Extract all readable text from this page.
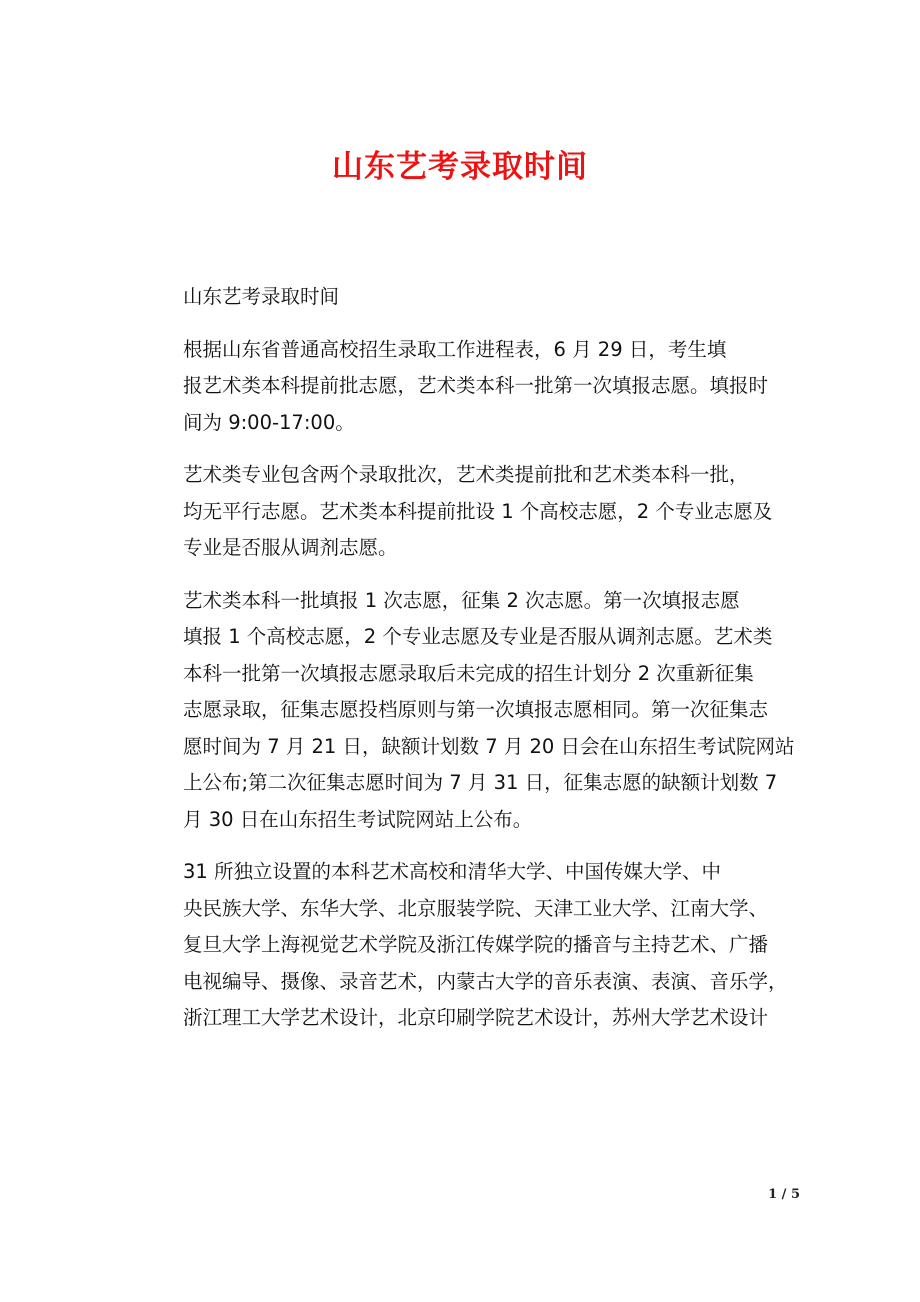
山东艺考录取时间

山东艺考录取时间

根据山东省普通高校招生录取工作进程表，6 月 29 日，考生填
报艺术类本科提前批志愿，艺术类本科一批第一次填报志愿。填报时
间为 9:00-17:00。

艺术类专业包含两个录取批次，艺术类提前批和艺术类本科一批，
均无平行志愿。艺术类本科提前批设 1 个高校志愿，2 个专业志愿及
专业是否服从调剂志愿。

艺术类本科一批填报 1 次志愿，征集 2 次志愿。第一次填报志愿
填报 1 个高校志愿，2 个专业志愿及专业是否服从调剂志愿。艺术类
本科一批第一次填报志愿录取后未完成的招生计划分 2 次重新征集
志愿录取，征集志愿投档原则与第一次填报志愿相同。第一次征集志
愿时间为 7 月 21 日，缺额计划数 7 月 20 日会在山东招生考试院网站
上公布;第二次征集志愿时间为 7 月 31 日，征集志愿的缺额计划数 7
月 30 日在山东招生考试院网站上公布。

31 所独立设置的本科艺术高校和清华大学、中国传媒大学、中
央民族大学、东华大学、北京服装学院、天津工业大学、江南大学、
复旦大学上海视觉艺术学院及浙江传媒学院的播音与主持艺术、广播
电视编导、摄像、录音艺术，内蒙古大学的音乐表演、表演、音乐学，
浙江理工大学艺术设计，北京印刷学院艺术设计，苏州大学艺术设计

1 / 5
